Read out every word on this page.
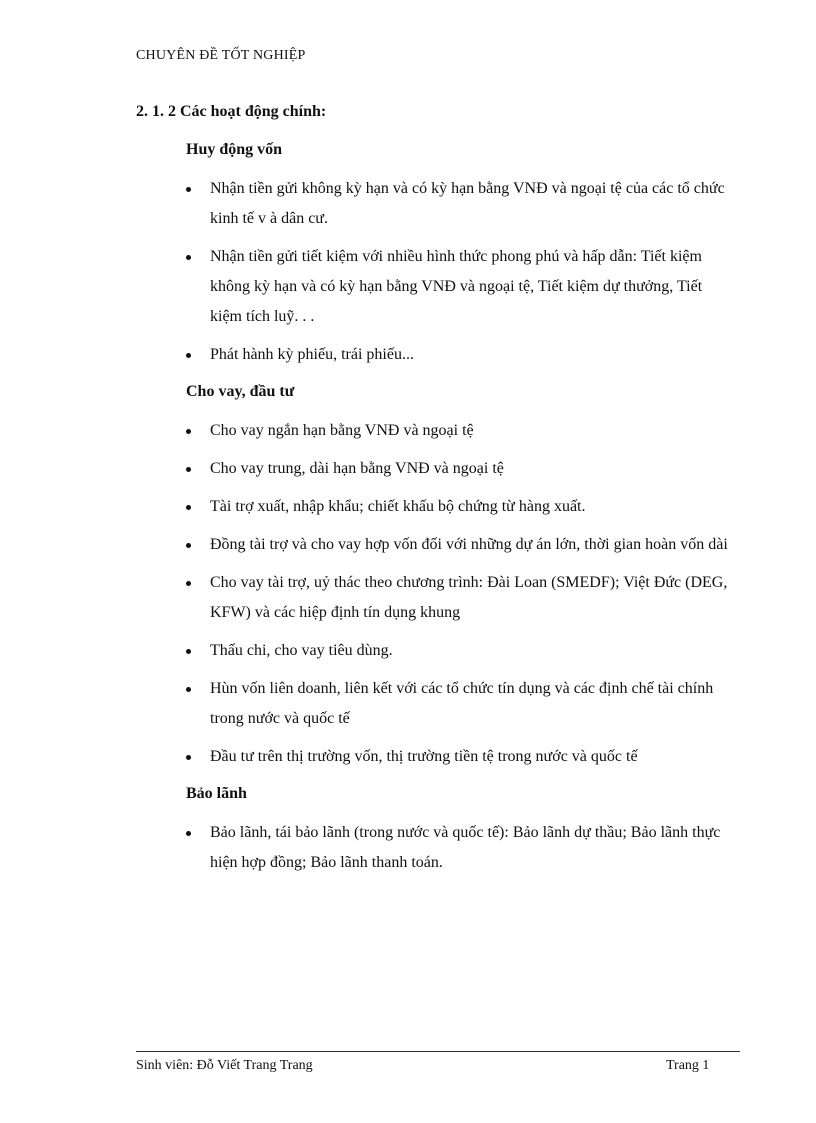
CHUYÊN ĐỀ TỐT NGHIỆP
2. 1. 2 Các hoạt động chính:
Huy động vốn
Nhận tiền gửi không kỳ hạn và có kỳ hạn bằng VNĐ và ngoại tệ của các tổ chức kinh tế v à dân cư.
Nhận tiền gửi tiết kiệm với nhiều hình thức phong phú và hấp dẫn: Tiết kiệm không kỳ hạn và có kỳ hạn bằng VNĐ và ngoại tệ, Tiết kiệm dự thưởng, Tiết kiệm tích luỹ. . .
Phát hành kỳ phiếu, trái phiếu...
Cho vay, đầu tư
Cho vay ngắn hạn bằng VNĐ và ngoại tệ
Cho vay trung, dài hạn bằng VNĐ và ngoại tệ
Tài trợ xuất, nhập khẩu; chiết khấu bộ chứng từ hàng xuất.
Đồng tài trợ và cho vay hợp vốn đối với những dự án lớn, thời gian hoàn vốn dài
Cho vay tài trợ, uỷ thác theo chương trình: Đài Loan (SMEDF); Việt Đức (DEG, KFW) và các hiệp định tín dụng khung
Thấu chi, cho vay tiêu dùng.
Hùn vốn liên doanh, liên kết với các tổ chức tín dụng và các định chế tài chính trong nước và quốc tế
Đầu tư trên thị trường vốn, thị trường tiền tệ trong nước và quốc tế
Bảo lãnh
Bảo lãnh, tái bảo lãnh (trong nước và quốc tế): Bảo lãnh dự thầu; Bảo lãnh thực hiện hợp đồng; Bảo lãnh thanh toán.
Sinh viên: Đỗ Viết Trang Trang	Trang 1
